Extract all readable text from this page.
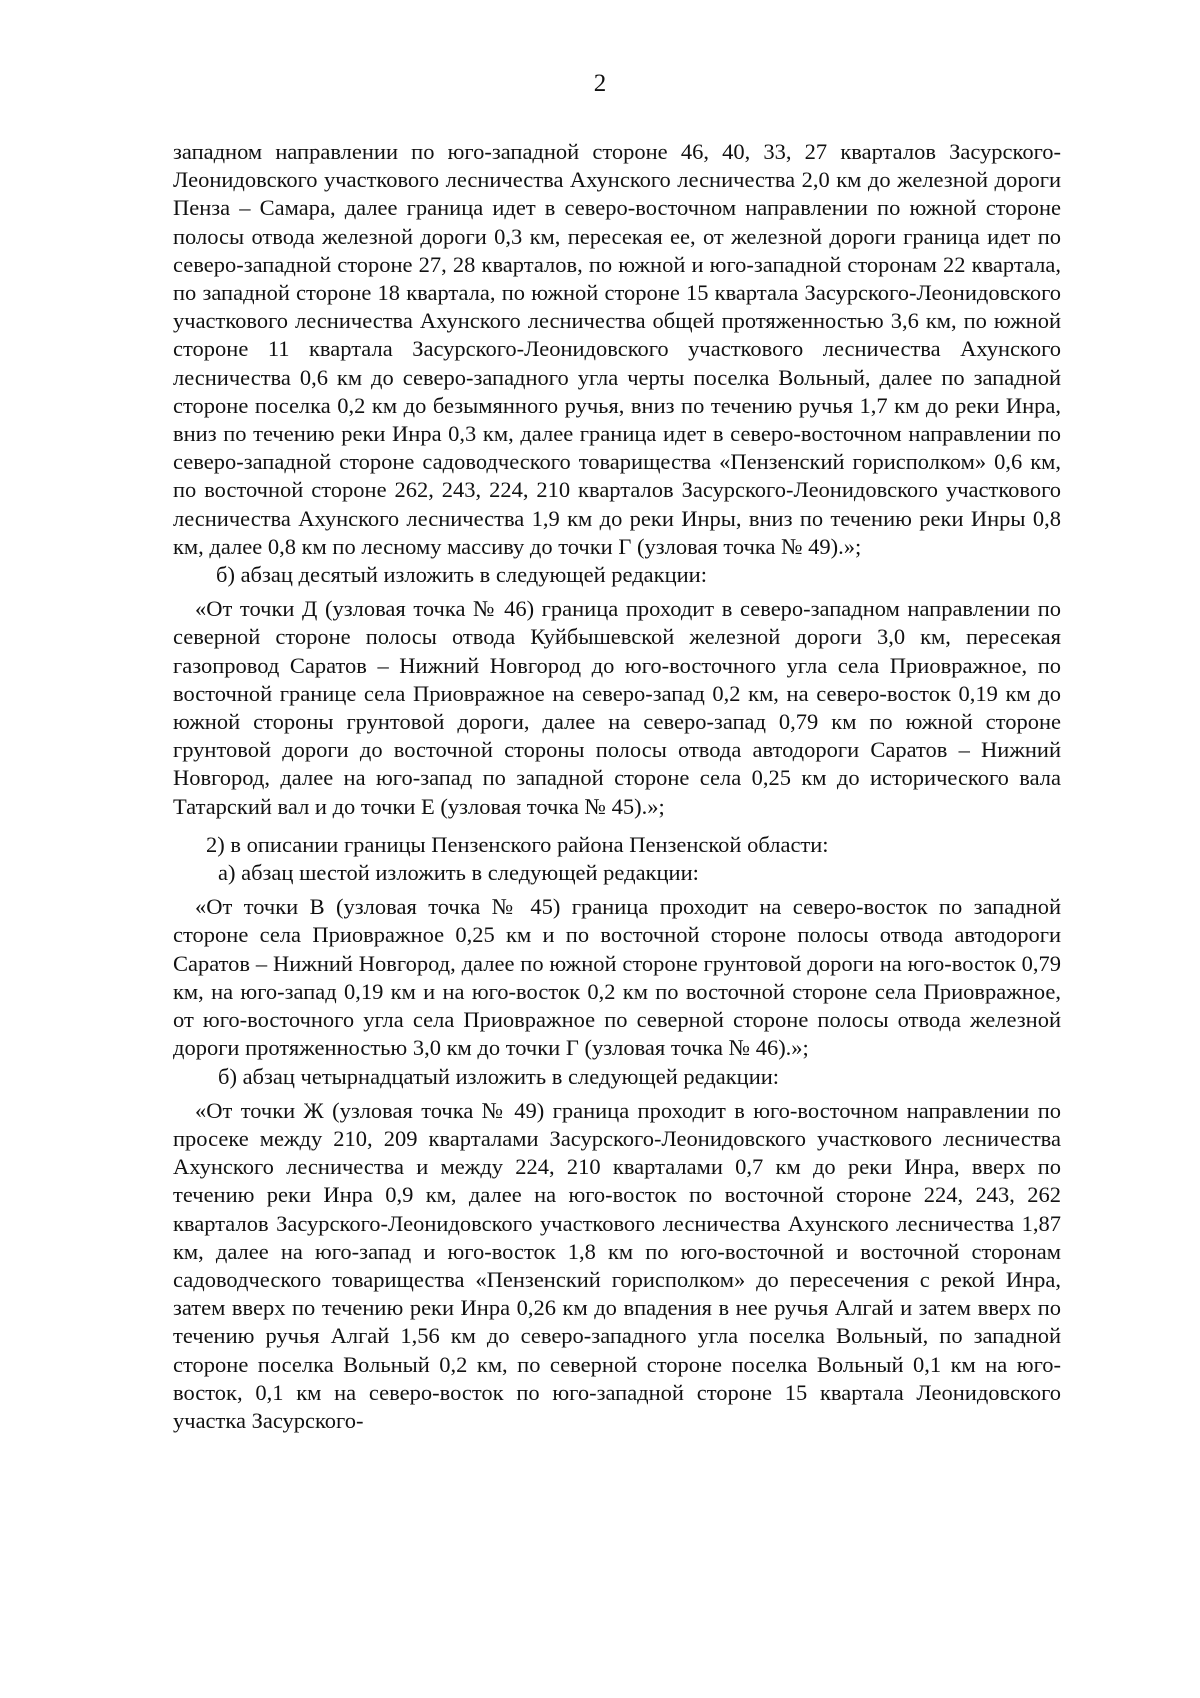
2

западном направлении по юго-западной стороне 46, 40, 33, 27 кварталов Засурского-Леонидовского участкового лесничества Ахунского лесничества 2,0 км до железной дороги Пенза – Самара, далее граница идет в северо-восточном направлении по южной стороне полосы отвода железной дороги 0,3 км, пересекая ее, от железной дороги граница идет по северо-западной стороне 27, 28 кварталов, по южной и юго-западной сторонам 22 квартала, по западной стороне 18 квартала, по южной стороне 15 квартала Засурского-Леонидовского участкового лесничества Ахунского лесничества общей протяженностью 3,6 км, по южной стороне 11 квартала Засурского-Леонидовского участкового лесничества Ахунского лесничества 0,6 км до северо-западного угла черты поселка Вольный, далее по западной стороне поселка 0,2 км до безымянного ручья, вниз по течению ручья 1,7 км до реки Инра, вниз по течению реки Инра 0,3 км, далее граница идет в северо-восточном направлении по северо-западной стороне садоводческого товарищества «Пензенский горисполком» 0,6 км, по восточной стороне 262, 243, 224, 210 кварталов Засурского-Леонидовского участкового лесничества Ахунского лесничества 1,9 км до реки Инры, вниз по течению реки Инры 0,8 км, далее 0,8 км по лесному массиву до точки Г (узловая точка № 49).»;

б) абзац десятый изложить в следующей редакции:

«От точки Д (узловая точка № 46) граница проходит в северо-западном направлении по северной стороне полосы отвода Куйбышевской железной дороги 3,0 км, пересекая газопровод Саратов – Нижний Новгород до юго-восточного угла села Приовражное, по восточной границе села Приовражное на северо-запад 0,2 км, на северо-восток 0,19 км до южной стороны грунтовой дороги, далее на северо-запад 0,79 км по южной стороне грунтовой дороги до восточной стороны полосы отвода автодороги Саратов – Нижний Новгород, далее на юго-запад по западной стороне села 0,25 км до исторического вала Татарский вал и до точки Е (узловая точка № 45).»;

2) в описании границы Пензенского района Пензенской области:

а) абзац шестой изложить в следующей редакции:

«От точки В (узловая точка № 45) граница проходит на северо-восток по западной стороне села Приовражное 0,25 км и по восточной стороне полосы отвода автодороги Саратов – Нижний Новгород, далее по южной стороне грунтовой дороги на юго-восток 0,79 км, на юго-запад 0,19 км и на юго-восток 0,2 км по восточной стороне села Приовражное, от юго-восточного угла села Приовражное по северной стороне полосы отвода железной дороги протяженностью 3,0 км до точки Г (узловая точка № 46).»;

б) абзац четырнадцатый изложить в следующей редакции:

«От точки Ж (узловая точка № 49) граница проходит в юго-восточном направлении по просеке между 210, 209 кварталами Засурского-Леонидовского участкового лесничества Ахунского лесничества и между 224, 210 кварталами 0,7 км до реки Инра, вверх по течению реки Инра 0,9 км, далее на юго-восток по восточной стороне 224, 243, 262 кварталов Засурского-Леонидовского участкового лесничества Ахунского лесничества 1,87 км, далее на юго-запад и юго-восток 1,8 км по юго-восточной и восточной сторонам садоводческого товарищества «Пензенский горисполком» до пересечения с рекой Инра, затем вверх по течению реки Инра 0,26 км до впадения в нее ручья Алгай и затем вверх по течению ручья Алгай 1,56 км до северо-западного угла поселка Вольный, по западной стороне поселка Вольный 0,2 км, по северной стороне поселка Вольный 0,1 км на юго-восток, 0,1 км на северо-восток по юго-западной стороне 15 квартала Леонидовского участка Засурского-
